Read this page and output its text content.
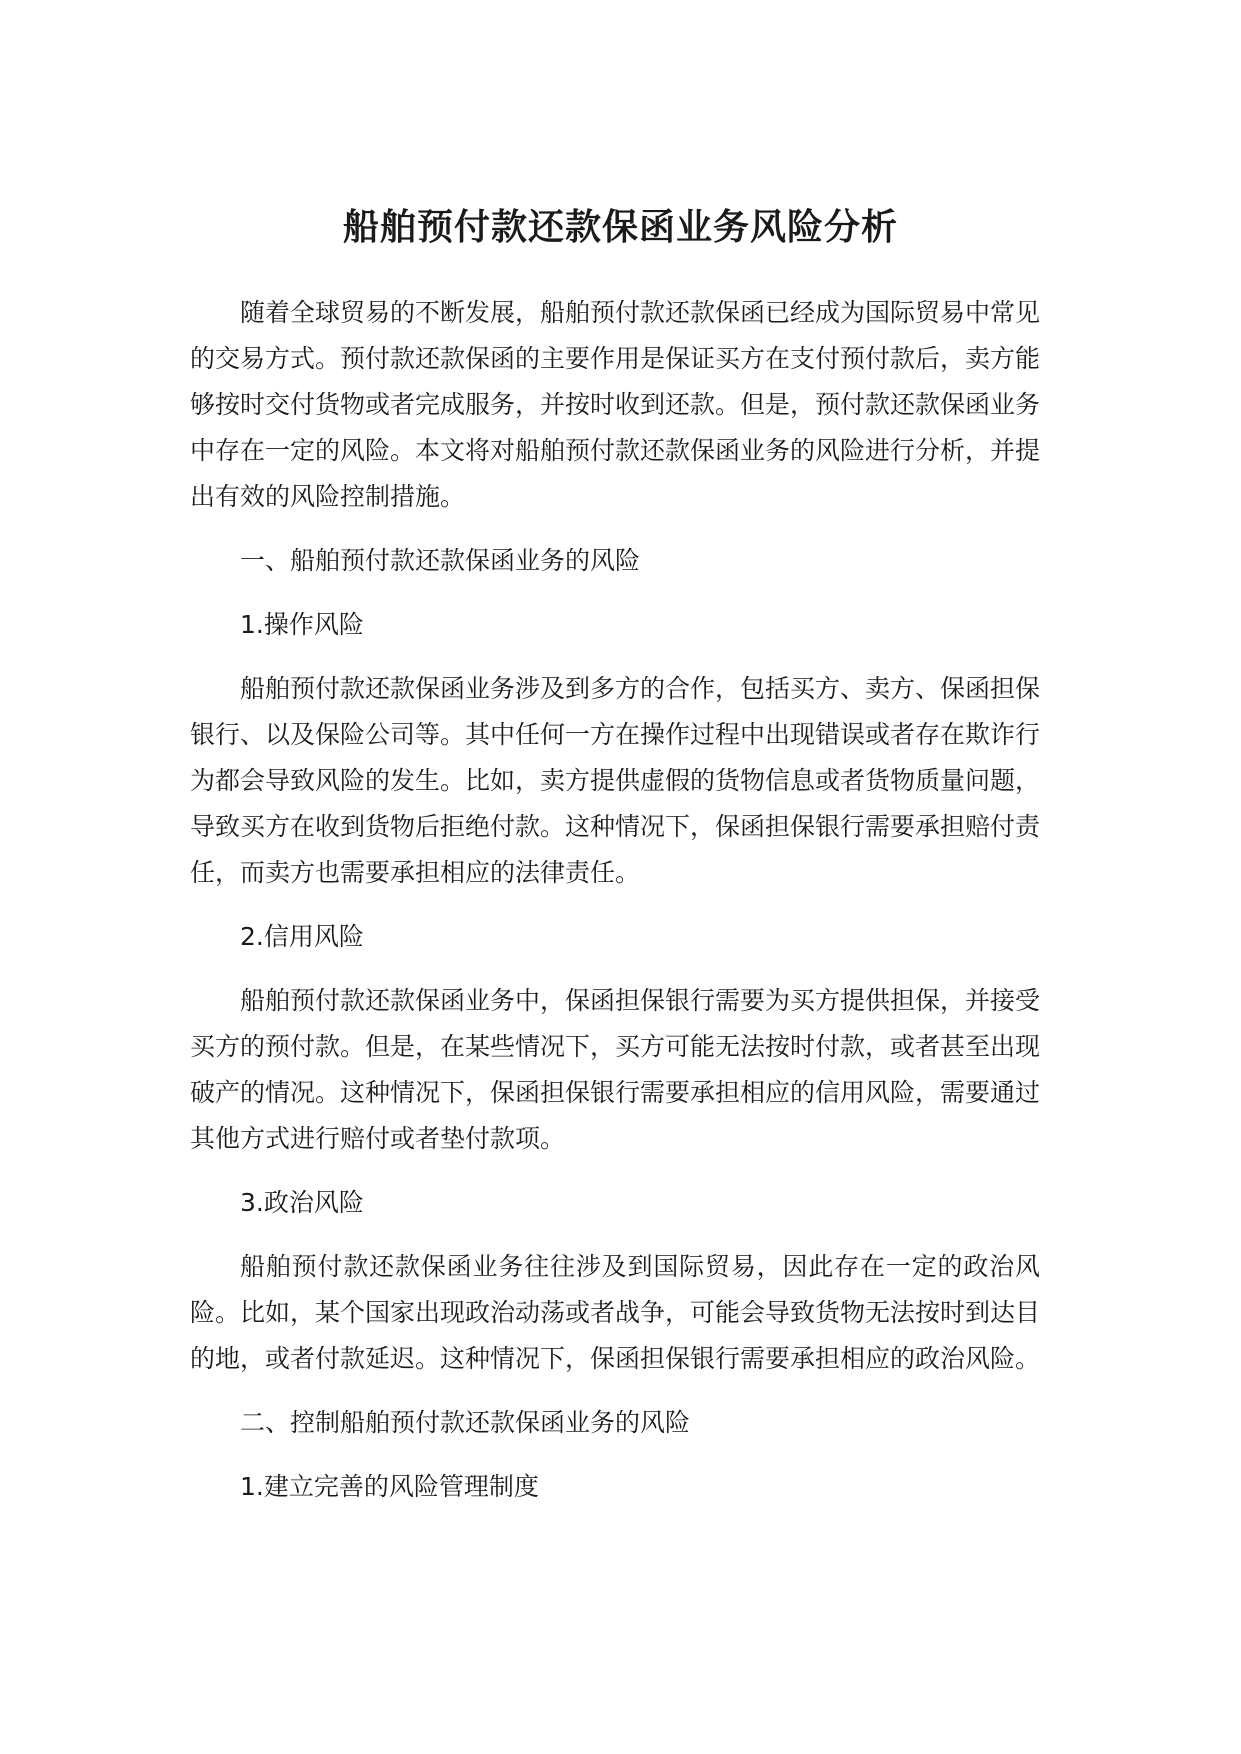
船舶预付款还款保函业务风险分析

随着全球贸易的不断发展，船舶预付款还款保函已经成为国际贸易中常见的交易方式。预付款还款保函的主要作用是保证买方在支付预付款后，卖方能够按时交付货物或者完成服务，并按时收到还款。但是，预付款还款保函业务中存在一定的风险。本文将对船舶预付款还款保函业务的风险进行分析，并提出有效的风险控制措施。

一、船舶预付款还款保函业务的风险

1.操作风险

船舶预付款还款保函业务涉及到多方的合作，包括买方、卖方、保函担保银行、以及保险公司等。其中任何一方在操作过程中出现错误或者存在欺诈行为都会导致风险的发生。比如，卖方提供虚假的货物信息或者货物质量问题，导致买方在收到货物后拒绝付款。这种情况下，保函担保银行需要承担赔付责任，而卖方也需要承担相应的法律责任。

2.信用风险

船舶预付款还款保函业务中，保函担保银行需要为买方提供担保，并接受买方的预付款。但是，在某些情况下，买方可能无法按时付款，或者甚至出现破产的情况。这种情况下，保函担保银行需要承担相应的信用风险，需要通过其他方式进行赔付或者垫付款项。

3.政治风险

船舶预付款还款保函业务往往涉及到国际贸易，因此存在一定的政治风险。比如，某个国家出现政治动荡或者战争，可能会导致货物无法按时到达目的地，或者付款延迟。这种情况下，保函担保银行需要承担相应的政治风险。

二、控制船舶预付款还款保函业务的风险

1.建立完善的风险管理制度
